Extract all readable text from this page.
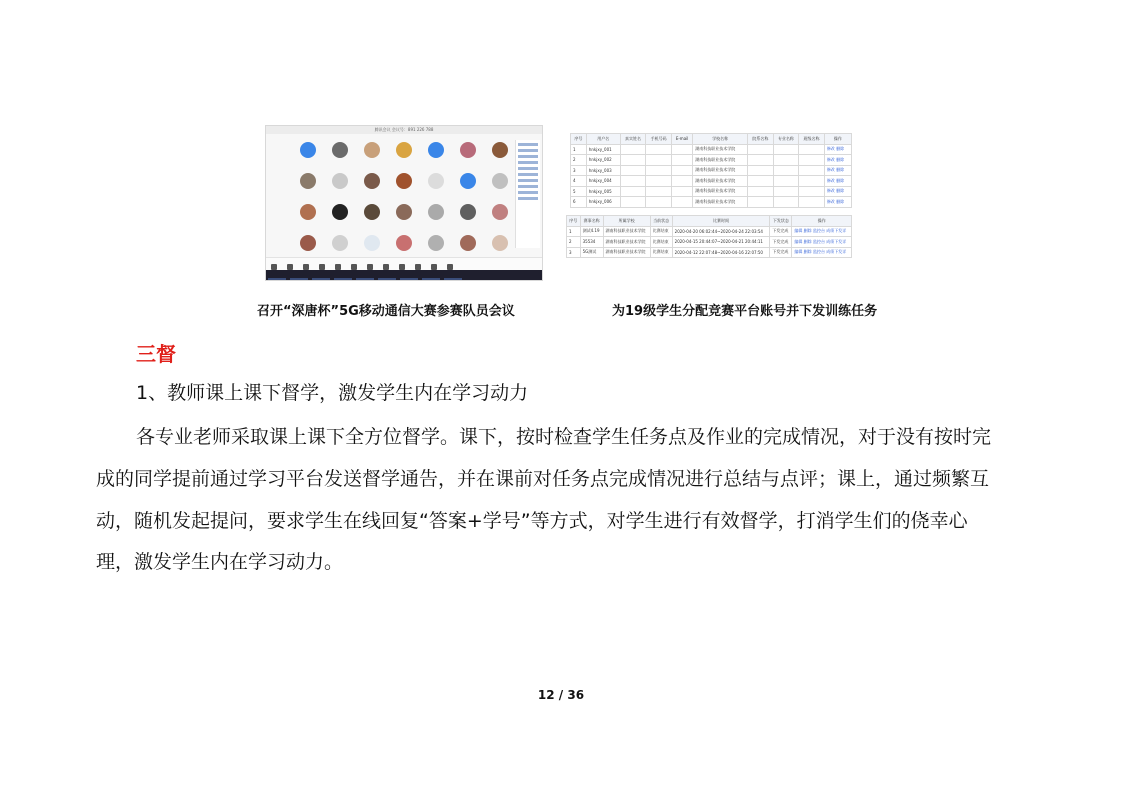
腾讯会议 会议号：891 226 788
序号	用户名	真实姓名	手机号码	E-mail	学校名称	院系名称	专业名称	班级名称	操作
1	hnkjxy_001				湖南科技职业技术学院				修改 删除
2	hnkjxy_002				湖南科技职业技术学院				修改 删除
3	hnkjxy_003				湖南科技职业技术学院				修改 删除
4	hnkjxy_004				湖南科技职业技术学院				修改 删除
5	hnkjxy_005				湖南科技职业技术学院				修改 删除
6	hnkjxy_006				湖南科技职业技术学院				修改 删除
序号	赛事名称	所属学校	当前状态	比赛时间	下发状态	操作
1	测试4.19	湖南科技职业技术学院	比赛结束	2020-04-20 06:02:44~2020-04-24 22:03:54	下发完成	编辑 删除 监控台 成绩下发详
2	35534	湖南科技职业技术学院	比赛结束	2020-04-15 20:44:07~2020-04-21 20:44:11	下发完成	编辑 删除 监控台 成绩下发详
3	5G测试	湖南科技职业技术学院	比赛结束	2020-04-12 22:07:48~2020-04-16 22:07:50	下发完成	编辑 删除 监控台 成绩下发详
召开“深唐杯”5G移动通信大赛参赛队员会议	为19级学生分配竞赛平台账号并下发训练任务
三督
1、教师课上课下督学，激发学生内在学习动力
各专业老师采取课上课下全方位督学。课下，按时检查学生任务点及作业的完成情况，对于没有按时完
成的同学提前通过学习平台发送督学通告，并在课前对任务点完成情况进行总结与点评；课上，通过频繁互
动，随机发起提问，要求学生在线回复“答案+学号”等方式，对学生进行有效督学，打消学生们的侥幸心
理，激发学生内在学习动力。
12 / 36
